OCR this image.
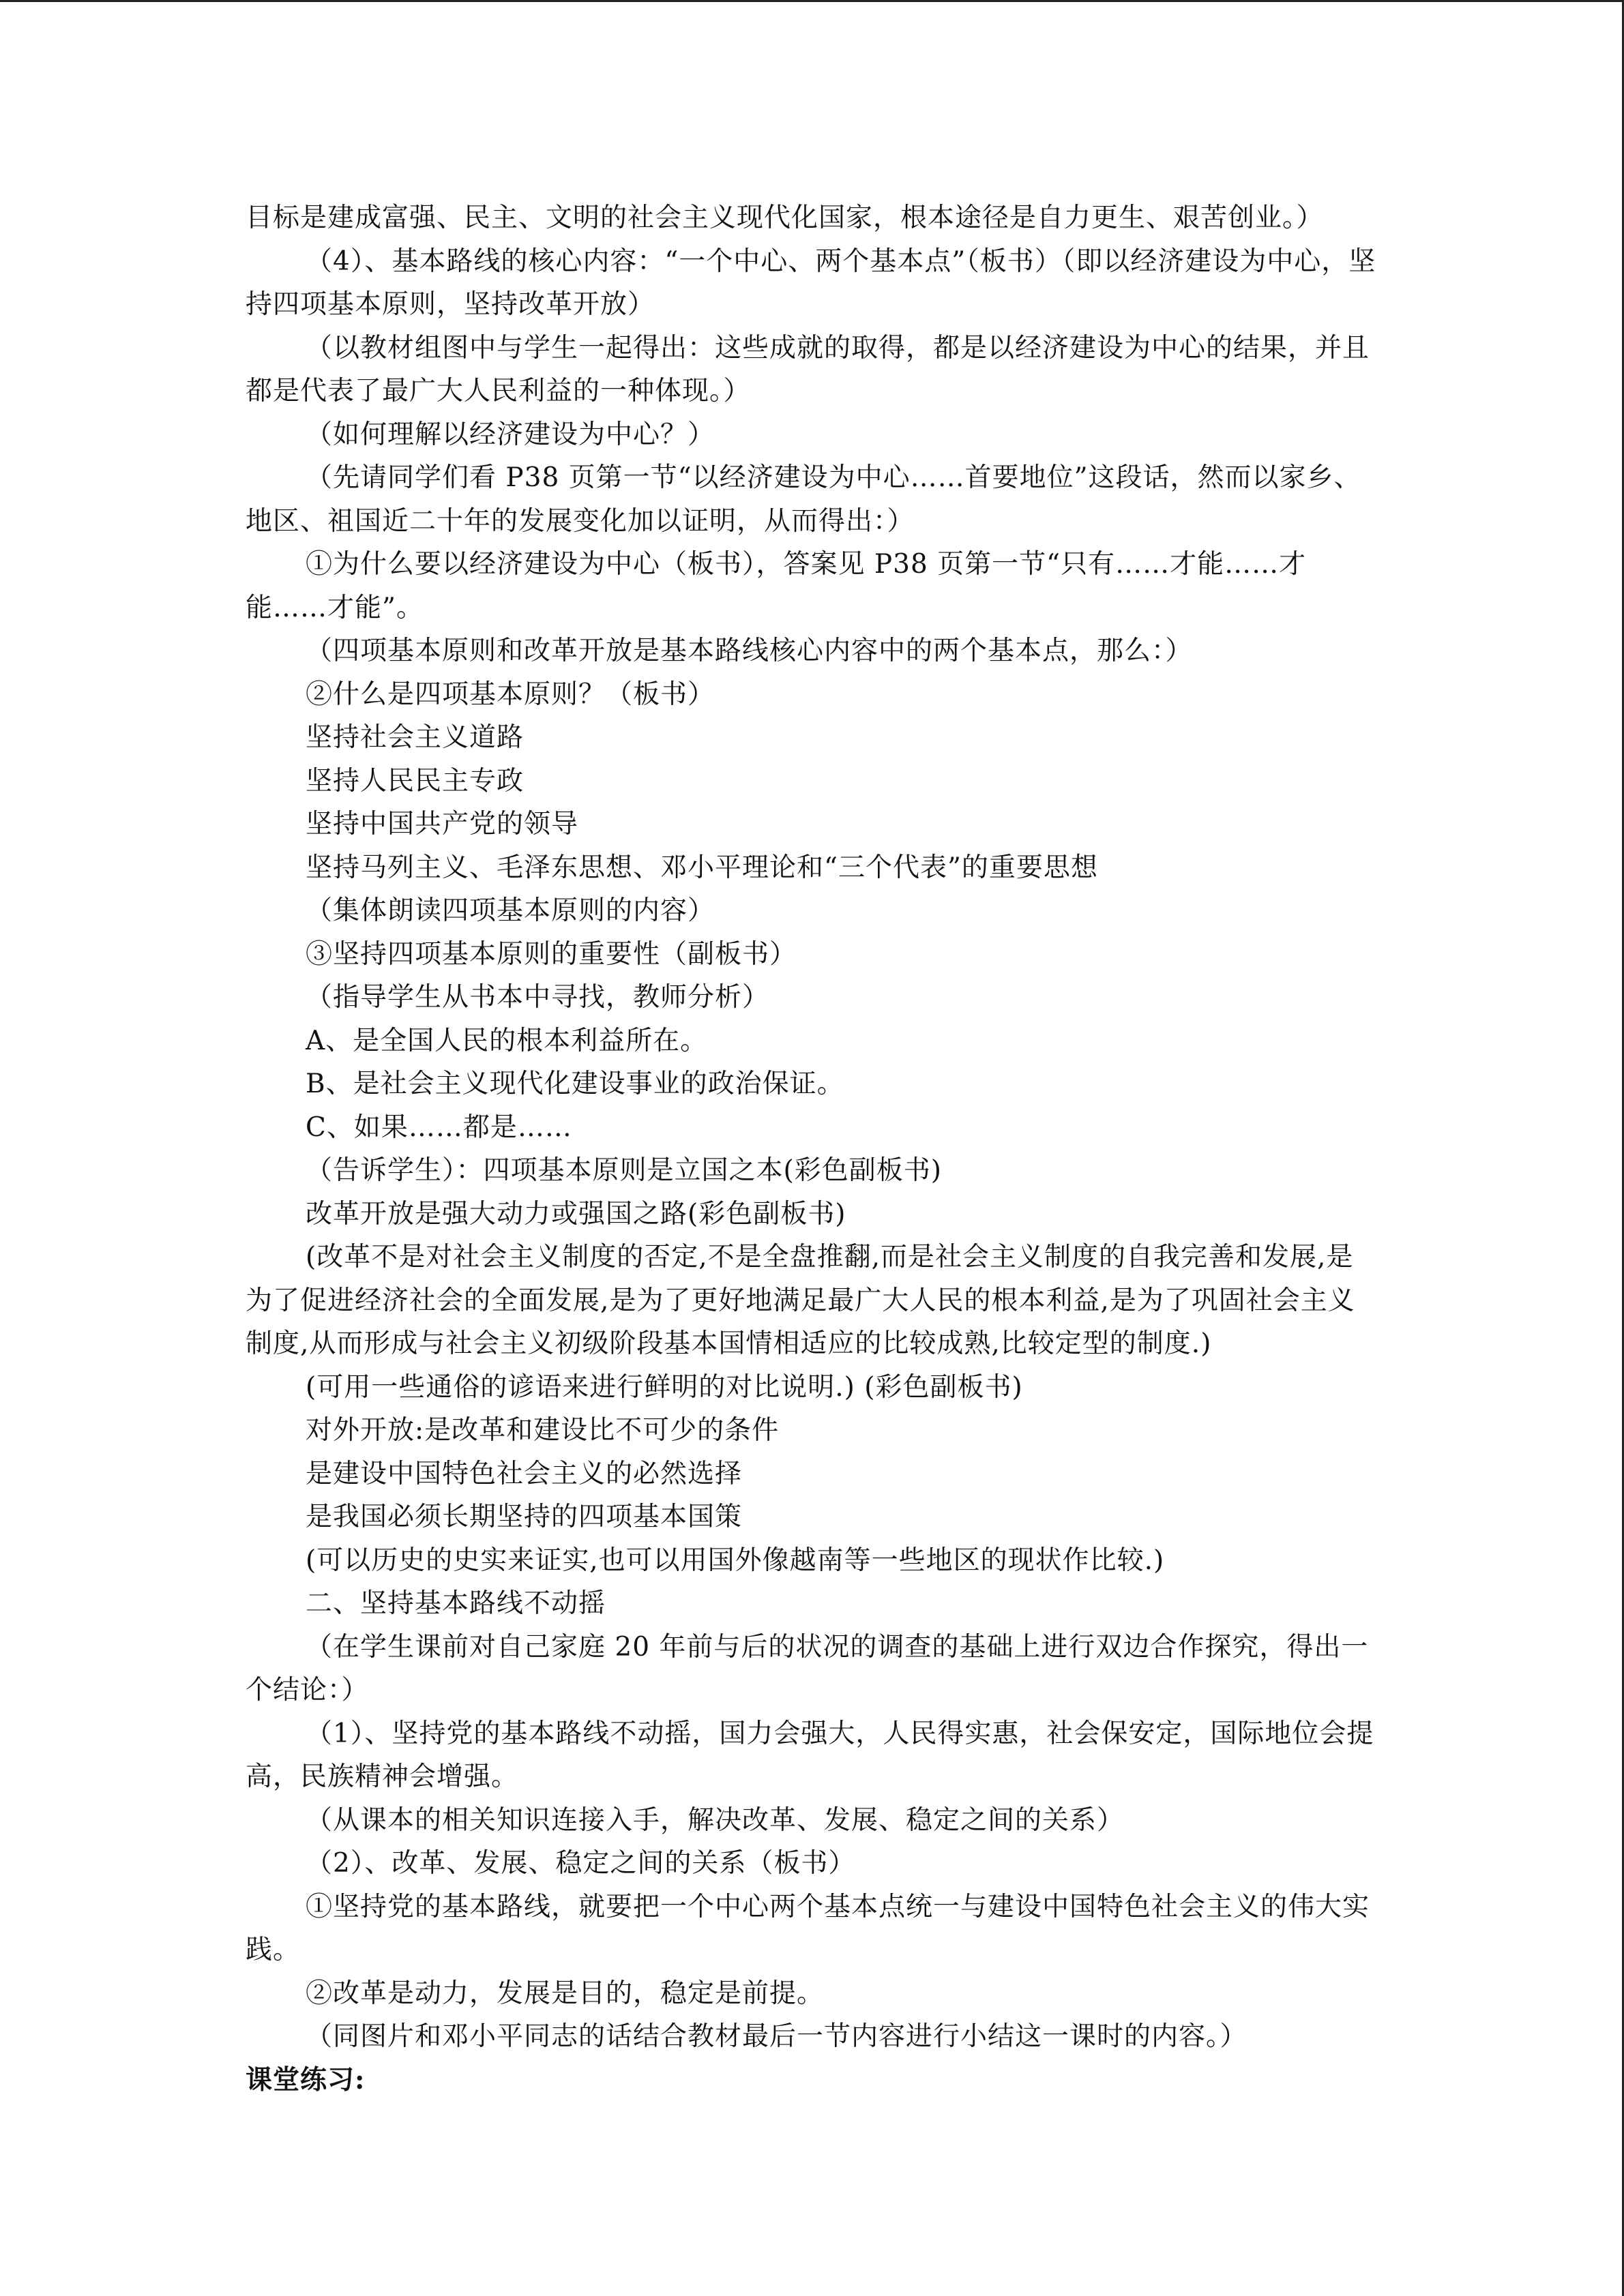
目标是建成富强、民主、文明的社会主义现代化国家，根本途径是自力更生、艰苦创业。）

（4）、基本路线的核心内容：“一个中心、两个基本点”（板书）（即以经济建设为中心，坚持四项基本原则，坚持改革开放）

（以教材组图中与学生一起得出：这些成就的取得，都是以经济建设为中心的结果，并且都是代表了最广大人民利益的一种体现。）

（如何理解以经济建设为中心？）

（先请同学们看 P38 页第一节“以经济建设为中心……首要地位”这段话，然而以家乡、地区、祖国近二十年的发展变化加以证明，从而得出：）

①为什么要以经济建设为中心（板书），答案见 P38 页第一节“只有……才能……才能……才能”。

（四项基本原则和改革开放是基本路线核心内容中的两个基本点，那么：）

②什么是四项基本原则？（板书）

坚持社会主义道路

坚持人民民主专政

坚持中国共产党的领导

坚持马列主义、毛泽东思想、邓小平理论和“三个代表”的重要思想

（集体朗读四项基本原则的内容）

③坚持四项基本原则的重要性（副板书）

（指导学生从书本中寻找，教师分析）

A、是全国人民的根本利益所在。

B、是社会主义现代化建设事业的政治保证。

C、如果……都是……

（告诉学生）：四项基本原则是立国之本(彩色副板书)

改革开放是强大动力或强国之路(彩色副板书)

(改革不是对社会主义制度的否定,不是全盘推翻,而是社会主义制度的自我完善和发展,是为了促进经济社会的全面发展,是为了更好地满足最广大人民的根本利益,是为了巩固社会主义制度,从而形成与社会主义初级阶段基本国情相适应的比较成熟,比较定型的制度.)

(可用一些通俗的谚语来进行鲜明的对比说明.) (彩色副板书)

对外开放:是改革和建设比不可少的条件

是建设中国特色社会主义的必然选择

是我国必须长期坚持的四项基本国策

(可以历史的史实来证实,也可以用国外像越南等一些地区的现状作比较.)

二、坚持基本路线不动摇

（在学生课前对自己家庭 20 年前与后的状况的调查的基础上进行双边合作探究，得出一个结论：）

（1）、坚持党的基本路线不动摇，国力会强大，人民得实惠，社会保安定，国际地位会提高，民族精神会增强。

（从课本的相关知识连接入手，解决改革、发展、稳定之间的关系）

（2）、改革、发展、稳定之间的关系（板书）

①坚持党的基本路线，就要把一个中心两个基本点统一与建设中国特色社会主义的伟大实践。

②改革是动力，发展是目的，稳定是前提。

（同图片和邓小平同志的话结合教材最后一节内容进行小结这一课时的内容。）

课堂练习:
